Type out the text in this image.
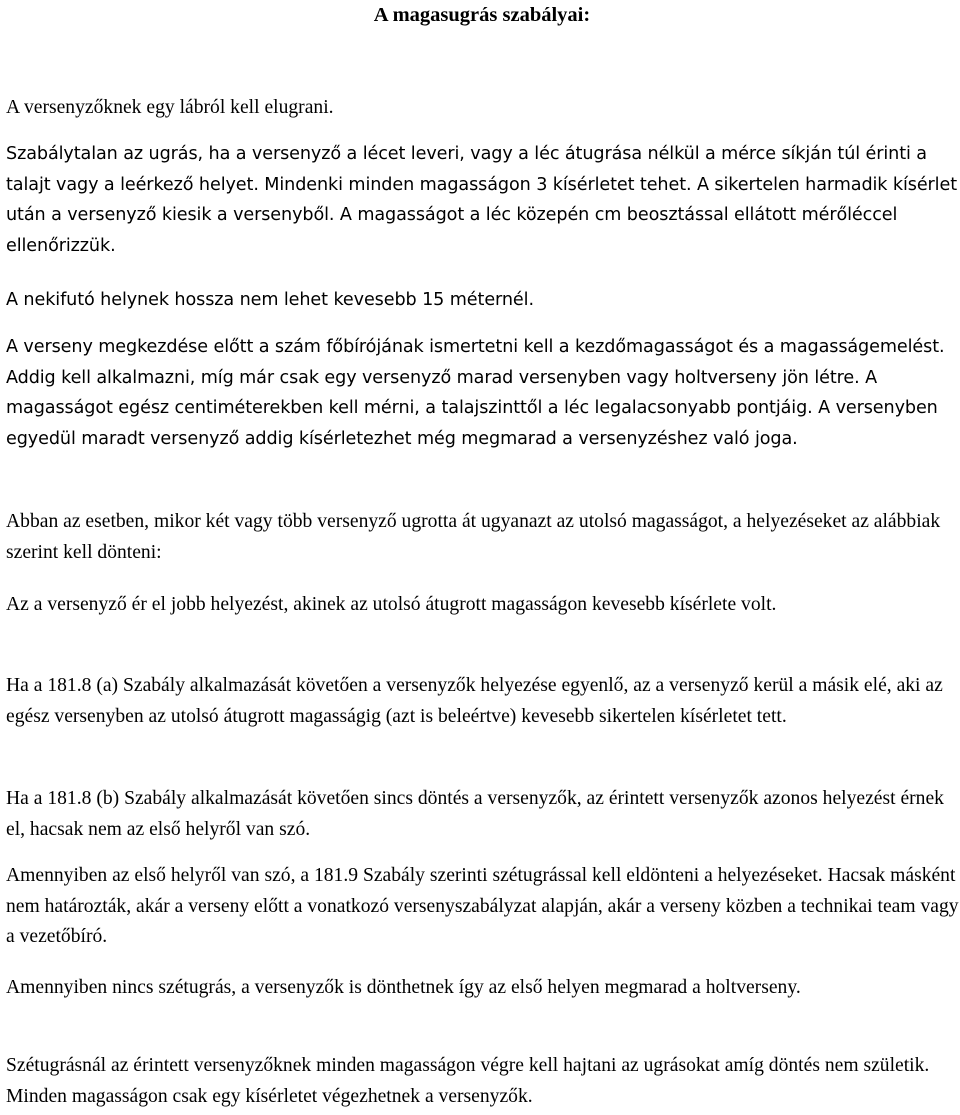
A magasugrás szabályai:

A versenyzőknek egy lábról kell elugrani.

Szabálytalan az ugrás, ha a versenyző a lécet leveri, vagy a léc átugrása nélkül a mérce síkján túl érinti a talajt vagy a leérkező helyet. Mindenki minden magasságon 3 kísérletet tehet. A sikertelen harmadik kísérlet után a versenyző kiesik a versenyből. A magasságot a léc közepén cm beosztással ellátott mérőléccel ellenőrizzük.

A nekifutó helynek hossza nem lehet kevesebb 15 méternél.

A verseny megkezdése előtt a szám főbírójának ismertetni kell a kezdőmagasságot és a magasságemelést. Addig kell alkalmazni, míg már csak egy versenyző marad versenyben vagy holtverseny jön létre. A magasságot egész centiméterekben kell mérni, a talajszinttől a léc legalacsonyabb pontjáig. A versenyben egyedül maradt versenyző addig kísérletezhet még megmarad a versenyzéshez való joga.

Abban az esetben, mikor két vagy több versenyző ugrotta át ugyanazt az utolsó magasságot, a helyezéseket az alábbiak szerint kell dönteni:

Az a versenyző ér el jobb helyezést, akinek az utolsó átugrott magasságon kevesebb kísérlete volt.

Ha a 181.8 (a) Szabály alkalmazását követően a versenyzők helyezése egyenlő, az a versenyző kerül a másik elé, aki az egész versenyben az utolsó átugrott magasságig (azt is beleértve) kevesebb sikertelen kísérletet tett.

Ha a 181.8 (b) Szabály alkalmazását követően sincs döntés a versenyzők, az érintett versenyzők azonos helyezést érnek el, hacsak nem az első helyről van szó.

Amennyiben az első helyről van szó, a 181.9 Szabály szerinti szétugrással kell eldönteni a helyezéseket. Hacsak másként nem határozták, akár a verseny előtt a vonatkozó versenyszabályzat alapján, akár a verseny közben a technikai team vagy a vezetőbíró.

Amennyiben nincs szétugrás, a versenyzők is dönthetnek így az első helyen megmarad a holtverseny.

Szétugrásnál az érintett versenyzőknek minden magasságon végre kell hajtani az ugrásokat amíg döntés nem születik. Minden magasságon csak egy kísérletet végezhetnek a versenyzők.
